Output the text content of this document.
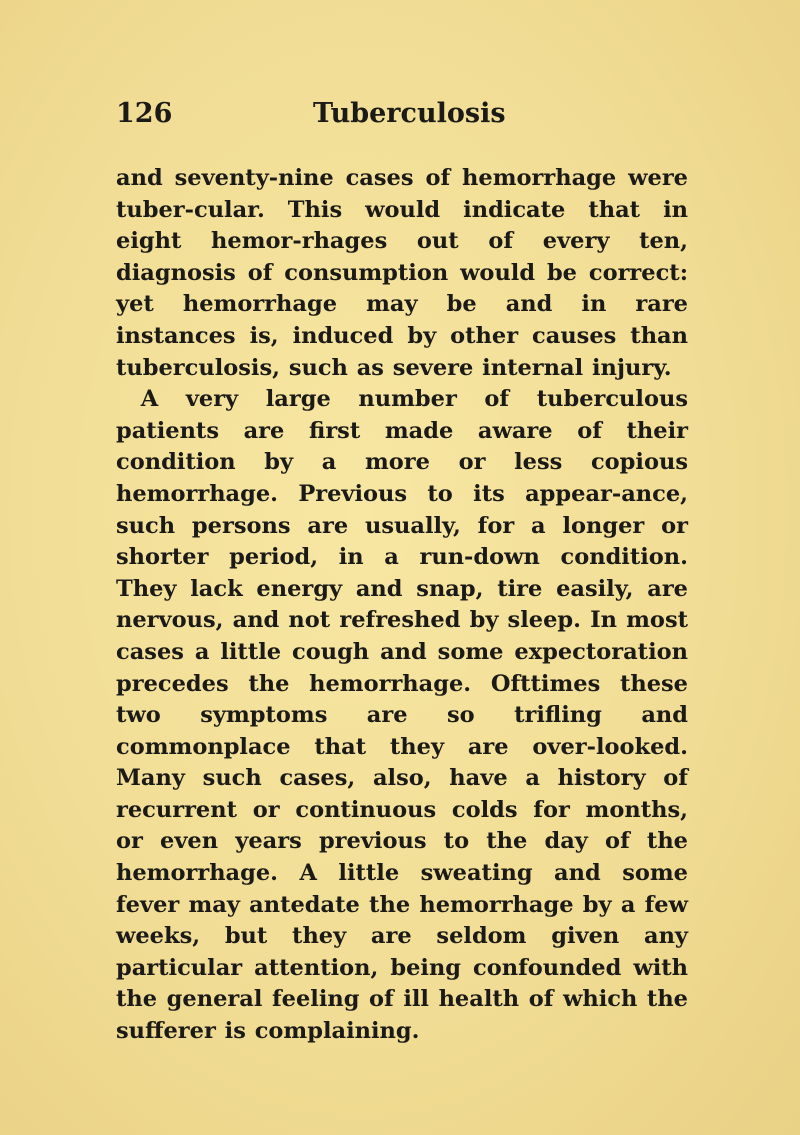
126	Tuberculosis

and seventy-nine cases of hemorrhage were tuber-cular. This would indicate that in eight hemor-rhages out of every ten, diagnosis of consumption would be correct: yet hemorrhage may be and in rare instances is, induced by other causes than tuberculosis, such as severe internal injury.

A very large number of tuberculous patients are first made aware of their condition by a more or less copious hemorrhage. Previous to its appear-ance, such persons are usually, for a longer or shorter period, in a run-down condition. They lack energy and snap, tire easily, are nervous, and not refreshed by sleep. In most cases a little cough and some expectoration precedes the hemorrhage. Ofttimes these two symptoms are so trifling and commonplace that they are over-looked. Many such cases, also, have a history of recurrent or continuous colds for months, or even years previous to the day of the hemorrhage. A little sweating and some fever may antedate the hemorrhage by a few weeks, but they are seldom given any particular attention, being confounded with the general feeling of ill health of which the sufferer is complaining.
